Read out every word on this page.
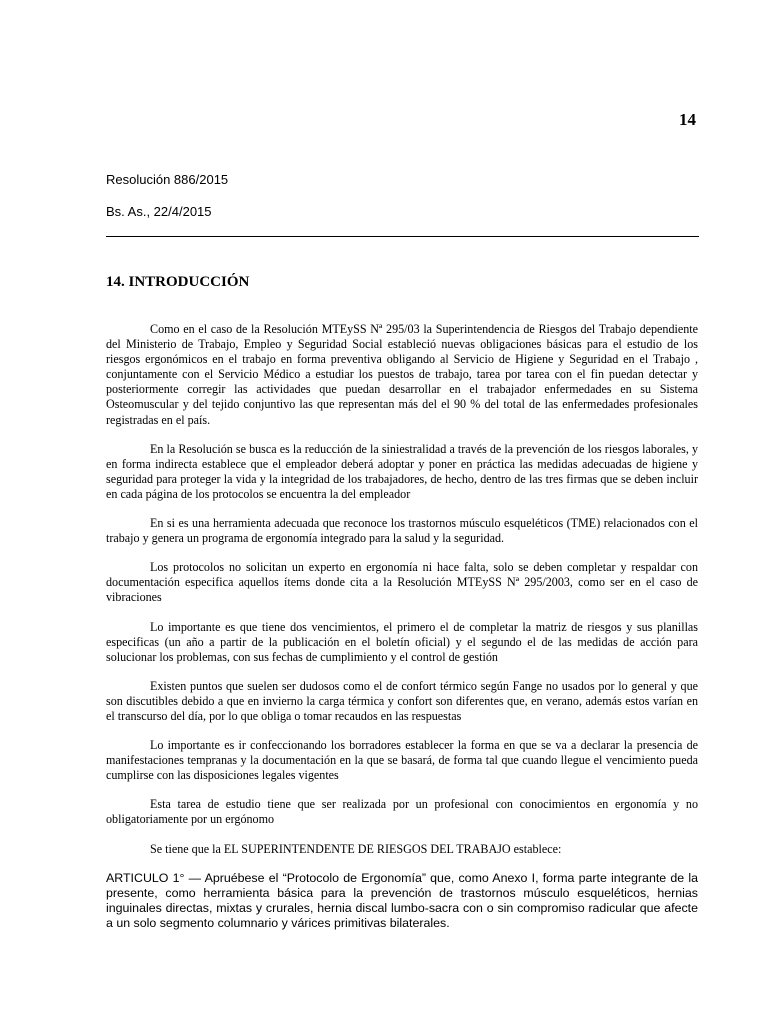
14
Resolución 886/2015
Bs. As., 22/4/2015
14. INTRODUCCIÓN

Como en el caso de la Resolución MTEySS Nª 295/03 la Superintendencia de Riesgos del Trabajo dependiente del Ministerio de Trabajo, Empleo y Seguridad Social estableció nuevas obligaciones básicas para el estudio de los riesgos ergonómicos en el trabajo en forma preventiva obligando al Servicio de Higiene y Seguridad en el Trabajo , conjuntamente con el Servicio Médico a estudiar los puestos de trabajo, tarea por tarea con el fin puedan detectar y posteriormente corregir las actividades que puedan desarrollar en el trabajador enfermedades en su Sistema Osteomuscular y del tejido conjuntivo las que representan más del el 90 % del total de las enfermedades profesionales registradas en el país.

En la Resolución se busca es la reducción de la siniestralidad a través de la prevención de los riesgos laborales, y en forma indirecta establece que el empleador deberá adoptar y poner en práctica las medidas adecuadas de higiene y seguridad para proteger la vida y la integridad de los trabajadores, de hecho, dentro de las tres firmas que se deben incluir en cada página de los protocolos se encuentra la del empleador

En si es una herramienta adecuada que reconoce los trastornos músculo esqueléticos (TME) relacionados con el trabajo y genera un programa de ergonomía integrado para la salud y la seguridad.

Los protocolos no solicitan un experto en ergonomía ni hace falta, solo se deben completar y respaldar con documentación especifica aquellos ítems donde cita a la Resolución MTEySS Nª 295/2003, como ser en el caso de vibraciones

Lo importante es que tiene dos vencimientos, el primero el de completar la matriz de riesgos y sus planillas especificas (un año a partir de la publicación en el boletín oficial) y el segundo el de las medidas de acción para solucionar los problemas, con sus fechas de cumplimiento y el control de gestión

Existen puntos que suelen ser dudosos como el de confort térmico según Fange no usados por lo general y que son discutibles debido a que en invierno la carga térmica y confort son diferentes que, en verano, además estos varían en el transcurso del día, por lo que obliga o tomar recaudos en las respuestas

Lo importante es ir confeccionando los borradores establecer la forma en que se va a declarar la presencia de manifestaciones tempranas y la documentación en la que se basará, de forma tal que cuando llegue el vencimiento pueda cumplirse con las disposiciones legales vigentes

Esta tarea de estudio tiene que ser realizada por un profesional con conocimientos en ergonomía y no obligatoriamente por un ergónomo

Se tiene que la EL SUPERINTENDENTE DE RIESGOS DEL TRABAJO establece:

ARTICULO 1° — Apruébese el “Protocolo de Ergonomía” que, como Anexo I, forma parte integrante de la presente, como herramienta básica para la prevención de trastornos músculo esqueléticos, hernias inguinales directas, mixtas y crurales, hernia discal lumbo-sacra con o sin compromiso radicular que afecte a un solo segmento columnario y várices primitivas bilaterales.
